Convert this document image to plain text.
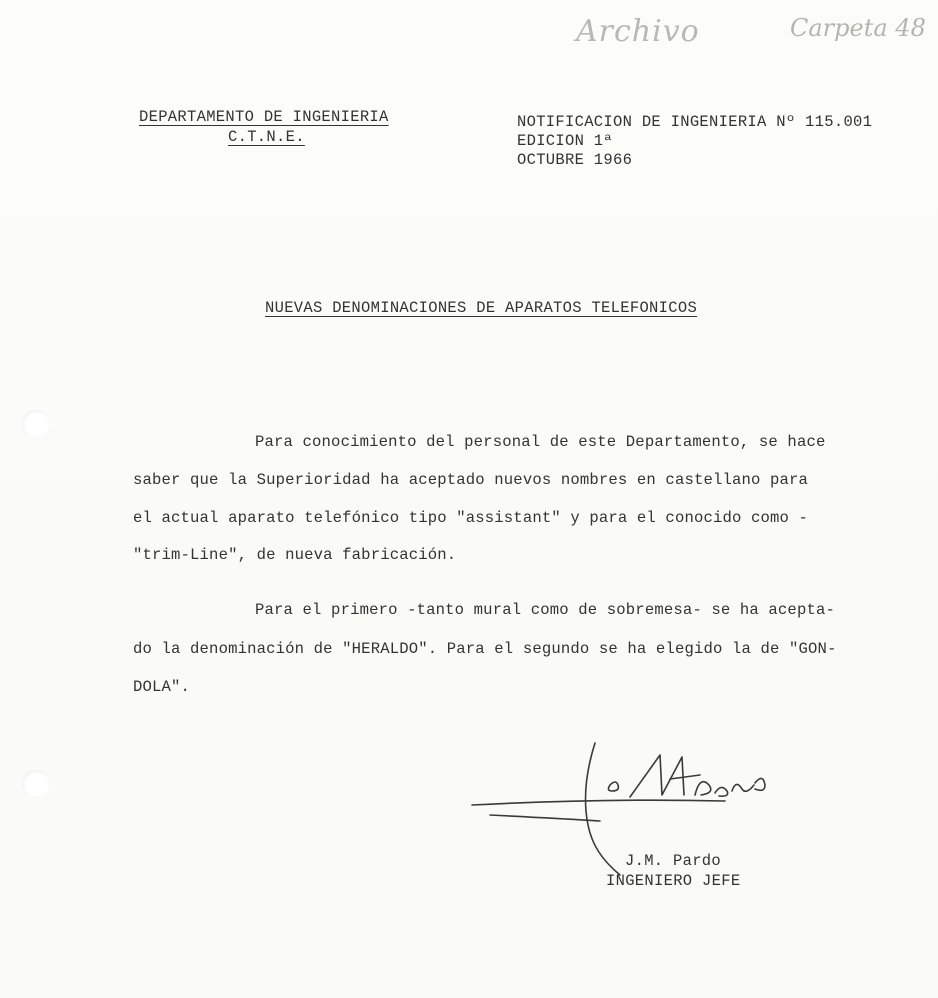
Archivo	Carpeta 48
DEPARTAMENTO DE INGENIERIA
C.T.N.E.
NOTIFICACION DE INGENIERIA Nº 115.001
EDICION 1ª
OCTUBRE 1966
NUEVAS DENOMINACIONES DE APARATOS TELEFONICOS
Para conocimiento del personal de este Departamento, se hace
saber que la Superioridad ha aceptado nuevos nombres en castellano para
el actual aparato telefónico tipo "assistant" y para el conocido como -
"trim-Line", de nueva fabricación.
Para el primero -tanto mural como de sobremesa- se ha acepta-
do la denominación de "HERALDO". Para el segundo se ha elegido la de "GON-
DOLA".
J.M. Pardo
INGENIERO JEFE
